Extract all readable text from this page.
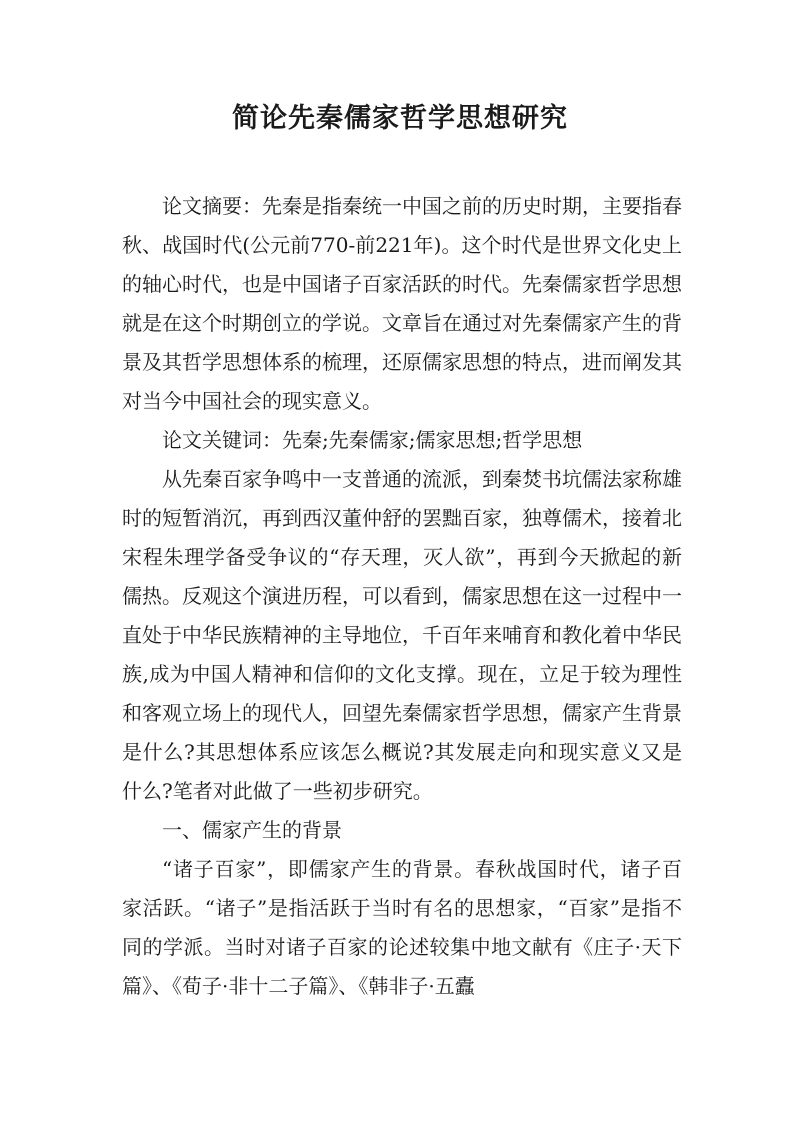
简论先秦儒家哲学思想研究

论文摘要：先秦是指秦统一中国之前的历史时期，主要指春秋、战国时代(公元前770-前221年)。这个时代是世界文化史上的轴心时代，也是中国诸子百家活跃的时代。先秦儒家哲学思想就是在这个时期创立的学说。文章旨在通过对先秦儒家产生的背景及其哲学思想体系的梳理，还原儒家思想的特点，进而阐发其对当今中国社会的现实意义。

论文关键词：先秦;先秦儒家;儒家思想;哲学思想

从先秦百家争鸣中一支普通的流派，到秦焚书坑儒法家称雄时的短暂消沉，再到西汉董仲舒的罢黜百家，独尊儒术，接着北宋程朱理学备受争议的“存天理，灭人欲”，再到今天掀起的新儒热。反观这个演进历程，可以看到，儒家思想在这一过程中一直处于中华民族精神的主导地位，千百年来哺育和教化着中华民族,成为中国人精神和信仰的文化支撑。现在，立足于较为理性和客观立场上的现代人，回望先秦儒家哲学思想，儒家产生背景是什么?其思想体系应该怎么概说?其发展走向和现实意义又是什么?笔者对此做了一些初步研究。

一、儒家产生的背景

“诸子百家”，即儒家产生的背景。春秋战国时代，诸子百家活跃。“诸子”是指活跃于当时有名的思想家，“百家”是指不同的学派。当时对诸子百家的论述较集中地文献有《庄子·天下篇》、《荀子·非十二子篇》、《韩非子·五蠹
